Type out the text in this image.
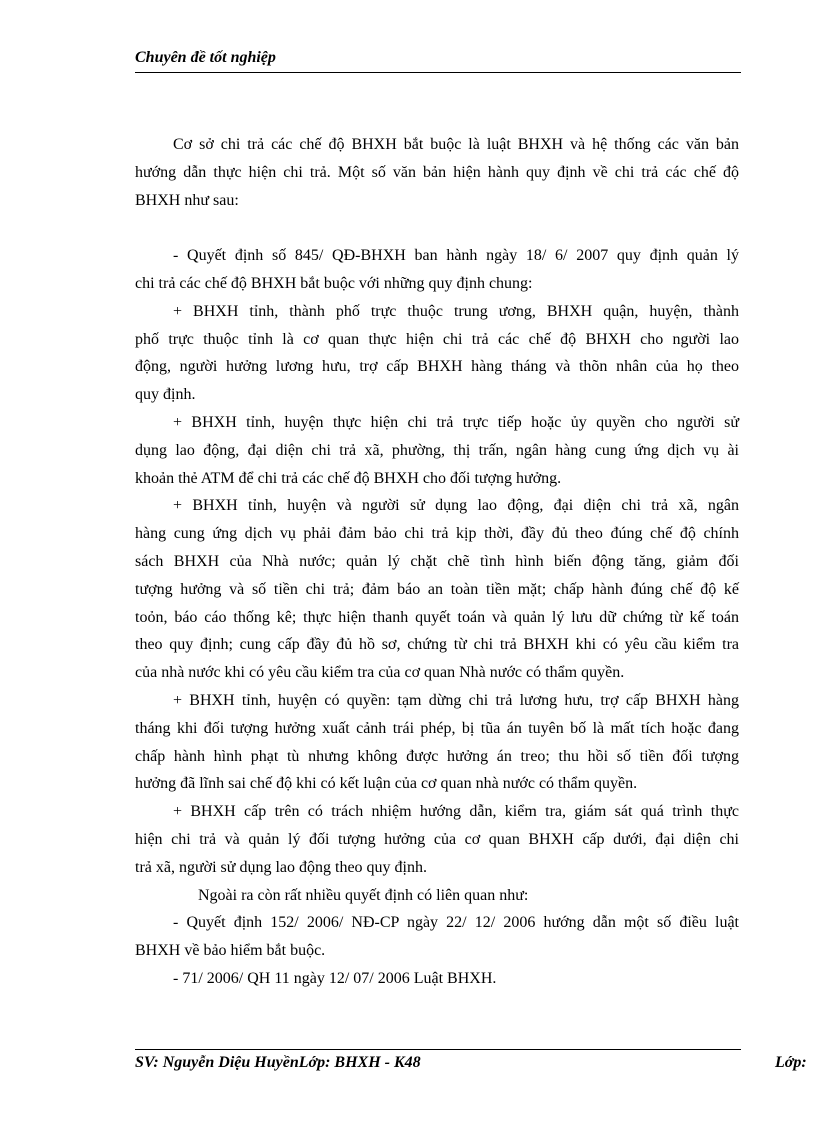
Chuyên đề tốt nghiệp
Cơ sở chi trả các chế độ BHXH bắt buộc là luật BHXH và hệ thống các văn bản
hướng dẫn thực hiện chi trả. Một số văn bản hiện hành quy định về chi trả các chế độ
BHXH như sau:
- Quyết định số 845/ QĐ-BHXH ban hành ngày 18/ 6/ 2007 quy định quản lý
chi trả các chế độ BHXH bắt buộc với những quy định chung:
+ BHXH tỉnh, thành phố trực thuộc trung ương, BHXH quận, huyện, thành
phố trực thuộc tỉnh là cơ quan thực hiện chi trả các chế độ BHXH cho người lao
động, người hưởng lương hưu, trợ cấp BHXH hàng tháng và thõn nhân của họ theo
quy định.
+ BHXH tỉnh, huyện thực hiện chi trả trực tiếp hoặc ủy quyền cho người sử
dụng lao động, đại diện chi trả xã, phường, thị trấn, ngân hàng cung ứng dịch vụ ài
khoản thẻ ATM để chi trả các chế độ BHXH cho đối tượng hưởng.
+ BHXH tỉnh, huyện và người sử dụng lao động, đại diện chi trả xã, ngân
hàng cung ứng dịch vụ phải đảm bảo chi trả kịp thời, đầy đủ theo đúng chế độ chính
sách BHXH của Nhà nước; quản lý chặt chẽ tình hình biến động tăng, giảm đối
tượng hưởng và số tiền chi trả; đảm báo an toàn tiền mặt; chấp hành đúng chế độ kế
toỏn, báo cáo thống kê; thực hiện thanh quyết toán và quản lý lưu dữ chứng từ kế toán
theo quy định; cung cấp đầy đủ hồ sơ, chứng từ chi trả BHXH khi có yêu cầu kiểm tra
của nhà nước khi có yêu cầu kiểm tra của cơ quan Nhà nước có thẩm quyền.
+ BHXH tỉnh, huyện có quyền: tạm dừng chi trả lương hưu, trợ cấp BHXH hàng
tháng khi đối tượng hưởng xuất cảnh trái phép, bị tũa án tuyên bố là mất tích hoặc đang
chấp hành hình phạt tù nhưng không được hưởng án treo; thu hồi số tiền đối tượng
hưởng đã lĩnh sai chế độ khi có kết luận của cơ quan nhà nước có thẩm quyền.
+ BHXH cấp trên có trách nhiệm hướng dẫn, kiểm tra, giám sát quá trình thực
hiện chi trả và quản lý đối tượng hưởng của cơ quan BHXH cấp dưới, đại diện chi
trả xã, người sử dụng lao động theo quy định.
Ngoài ra còn rất nhiều quyết định có liên quan như:
- Quyết định 152/ 2006/ NĐ-CP ngày 22/ 12/ 2006 hướng dẫn một số điều luật
BHXH về bảo hiểm bắt buộc.
- 71/ 2006/ QH 11 ngày 12/ 07/ 2006 Luật BHXH.
SV: Nguyễn Diệu HuyềnLớp: BHXH - K48	Lớp:
